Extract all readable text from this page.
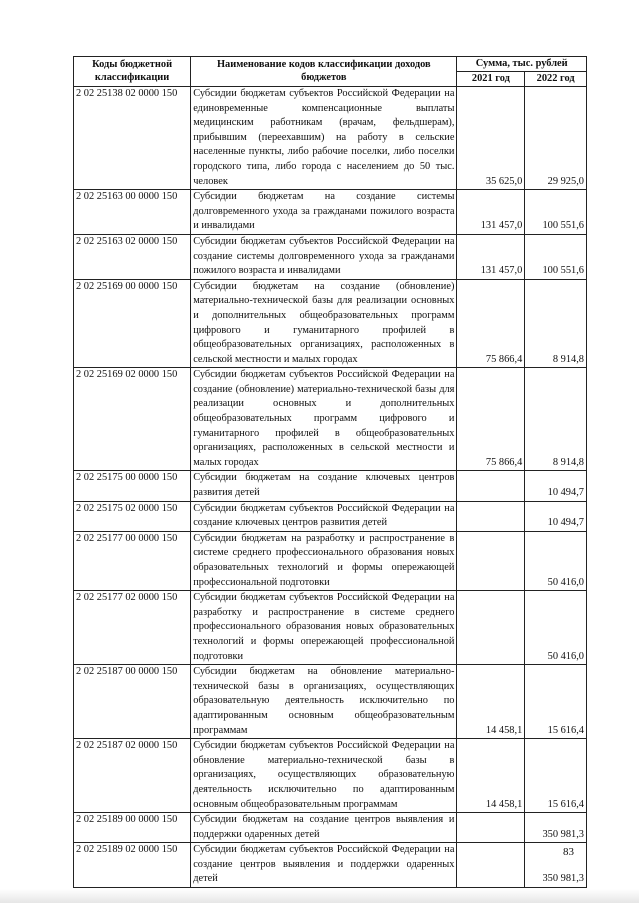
Коды бюджетной классификации	Наименование кодов классификации доходов бюджетов	Сумма, тыс. рублей	
		2021 год	2022 год
2 02 25138 02 0000 150	Субсидии бюджетам субъектов Российской Федерации на единовременные компенсационные выплаты медицинским работникам (врачам, фельдшерам), прибывшим (переехавшим) на работу в сельские населенные пункты, либо рабочие поселки, либо поселки городского типа, либо города с населением до 50 тыс. человек	35 625,0	29 925,0
2 02 25163 00 0000 150	Субсидии бюджетам на создание системы долговременного ухода за гражданами пожилого возраста и инвалидами	131 457,0	100 551,6
2 02 25163 02 0000 150	Субсидии бюджетам субъектов Российской Федерации на создание системы долговременного ухода за гражданами пожилого возраста и инвалидами	131 457,0	100 551,6
2 02 25169 00 0000 150	Субсидии бюджетам на создание (обновление) материально-технической базы для реализации основных и дополнительных общеобразовательных программ цифрового и гуманитарного профилей в общеобразовательных организациях, расположенных в сельской местности и малых городах	75 866,4	8 914,8
2 02 25169 02 0000 150	Субсидии бюджетам субъектов Российской Федерации на создание (обновление) материально-технической базы для реализации основных и дополнительных общеобразовательных программ цифрового и гуманитарного профилей в общеобразовательных организациях, расположенных в сельской местности и малых городах	75 866,4	8 914,8
2 02 25175 00 0000 150	Субсидии бюджетам на создание ключевых центров развития детей		10 494,7
2 02 25175 02 0000 150	Субсидии бюджетам субъектов Российской Федерации на создание ключевых центров развития детей		10 494,7
2 02 25177 00 0000 150	Субсидии бюджетам на разработку и распространение в системе среднего профессионального образования новых образовательных технологий и формы опережающей профессиональной подготовки		50 416,0
2 02 25177 02 0000 150	Субсидии бюджетам субъектов Российской Федерации на разработку и распространение в системе среднего профессионального образования новых образовательных технологий и формы опережающей профессиональной подготовки		50 416,0
2 02 25187 00 0000 150	Субсидии бюджетам на обновление материально-технической базы в организациях, осуществляющих образовательную деятельность исключительно по адаптированным основным общеобразовательным программам	14 458,1	15 616,4
2 02 25187 02 0000 150	Субсидии бюджетам субъектов Российской Федерации на обновление материально-технической базы в организациях, осуществляющих образовательную деятельность исключительно по адаптированным основным общеобразовательным программам	14 458,1	15 616,4
2 02 25189 00 0000 150	Субсидии бюджетам на создание центров выявления и поддержки одаренных детей		350 981,3
2 02 25189 02 0000 150	Субсидии бюджетам субъектов Российской Федерации на создание центров выявления и поддержки одаренных детей		350 981,3
83
